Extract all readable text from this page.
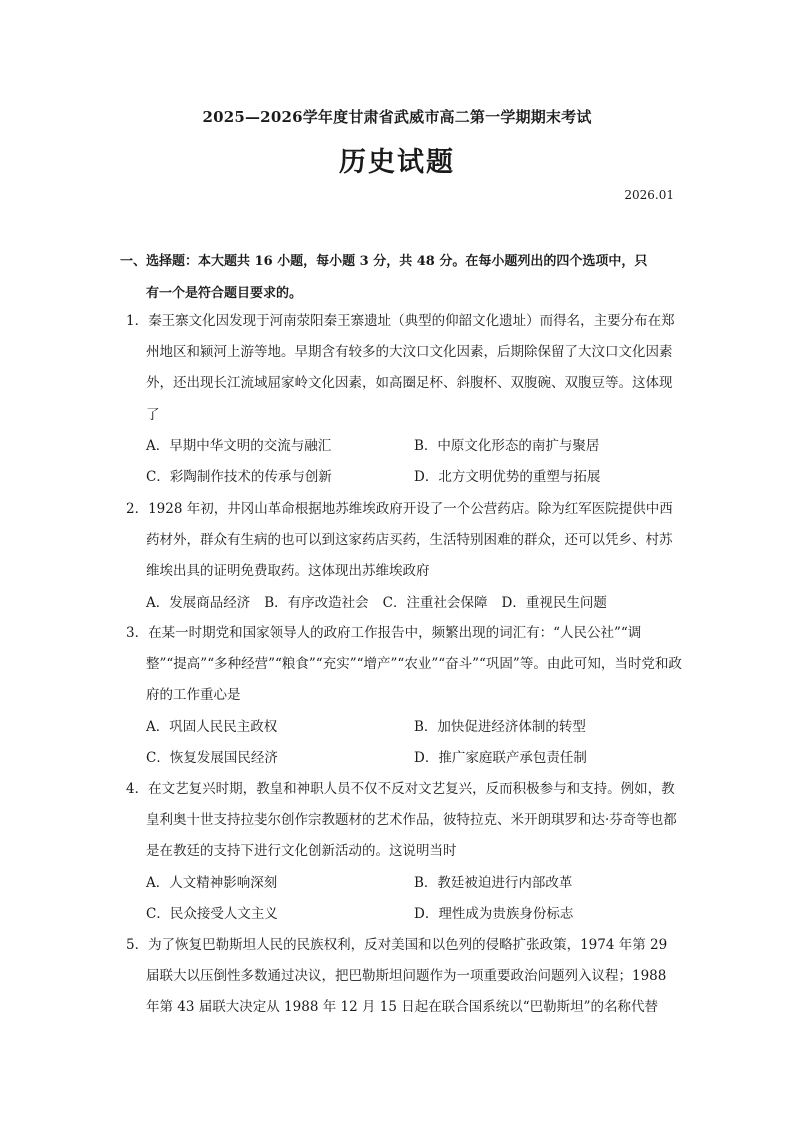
2025—2026学年度甘肃省武威市高二第一学期期末考试
历史试题
2026.01
一、选择题：本大题共 16 小题，每小题 3 分，共 48 分。在每小题列出的四个选项中，只
有一个是符合题目要求的。
1．秦王寨文化因发现于河南荥阳秦王寨遗址（典型的仰韶文化遗址）而得名，主要分布在郑州地区和颍河上游等地。早期含有较多的大汶口文化因素，后期除保留了大汶口文化因素外，还出现长江流域屈家岭文化因素，如高圈足杯、斜腹杯、双腹碗、双腹豆等。这体现了
A．早期中华文明的交流与融汇	B．中原文化形态的南扩与聚居
C．彩陶制作技术的传承与创新	D．北方文明优势的重塑与拓展
2．1928 年初，井冈山革命根据地苏维埃政府开设了一个公营药店。除为红军医院提供中西药材外，群众有生病的也可以到这家药店买药，生活特别困难的群众，还可以凭乡、村苏维埃出具的证明免费取药。这体现出苏维埃政府
A．发展商品经济 B．有序改造社会 C．注重社会保障 D．重视民生问题
3．在某一时期党和国家领导人的政府工作报告中，频繁出现的词汇有：“人民公社”“调整”“提高”“多种经营”“粮食”“充实”“增产”“农业”“奋斗”“巩固”等。由此可知，当时党和政府的工作重心是
A．巩固人民民主政权	B．加快促进经济体制的转型
C．恢复发展国民经济	D．推广家庭联产承包责任制
4．在文艺复兴时期，教皇和神职人员不仅不反对文艺复兴，反而积极参与和支持。例如，教皇利奥十世支持拉斐尔创作宗教题材的艺术作品，彼特拉克、米开朗琪罗和达·芬奇等也都是在教廷的支持下进行文化创新活动的。这说明当时
A．人文精神影响深刻	B．教廷被迫进行内部改革
C．民众接受人文主义	D．理性成为贵族身份标志
5．为了恢复巴勒斯坦人民的民族权利，反对美国和以色列的侵略扩张政策，1974 年第 29 届联大以压倒性多数通过决议，把巴勒斯坦问题作为一项重要政治问题列入议程；1988 年第 43 届联大决定从 1988 年 12 月 15 日起在联合国系统以“巴勒斯坦”的名称代替
